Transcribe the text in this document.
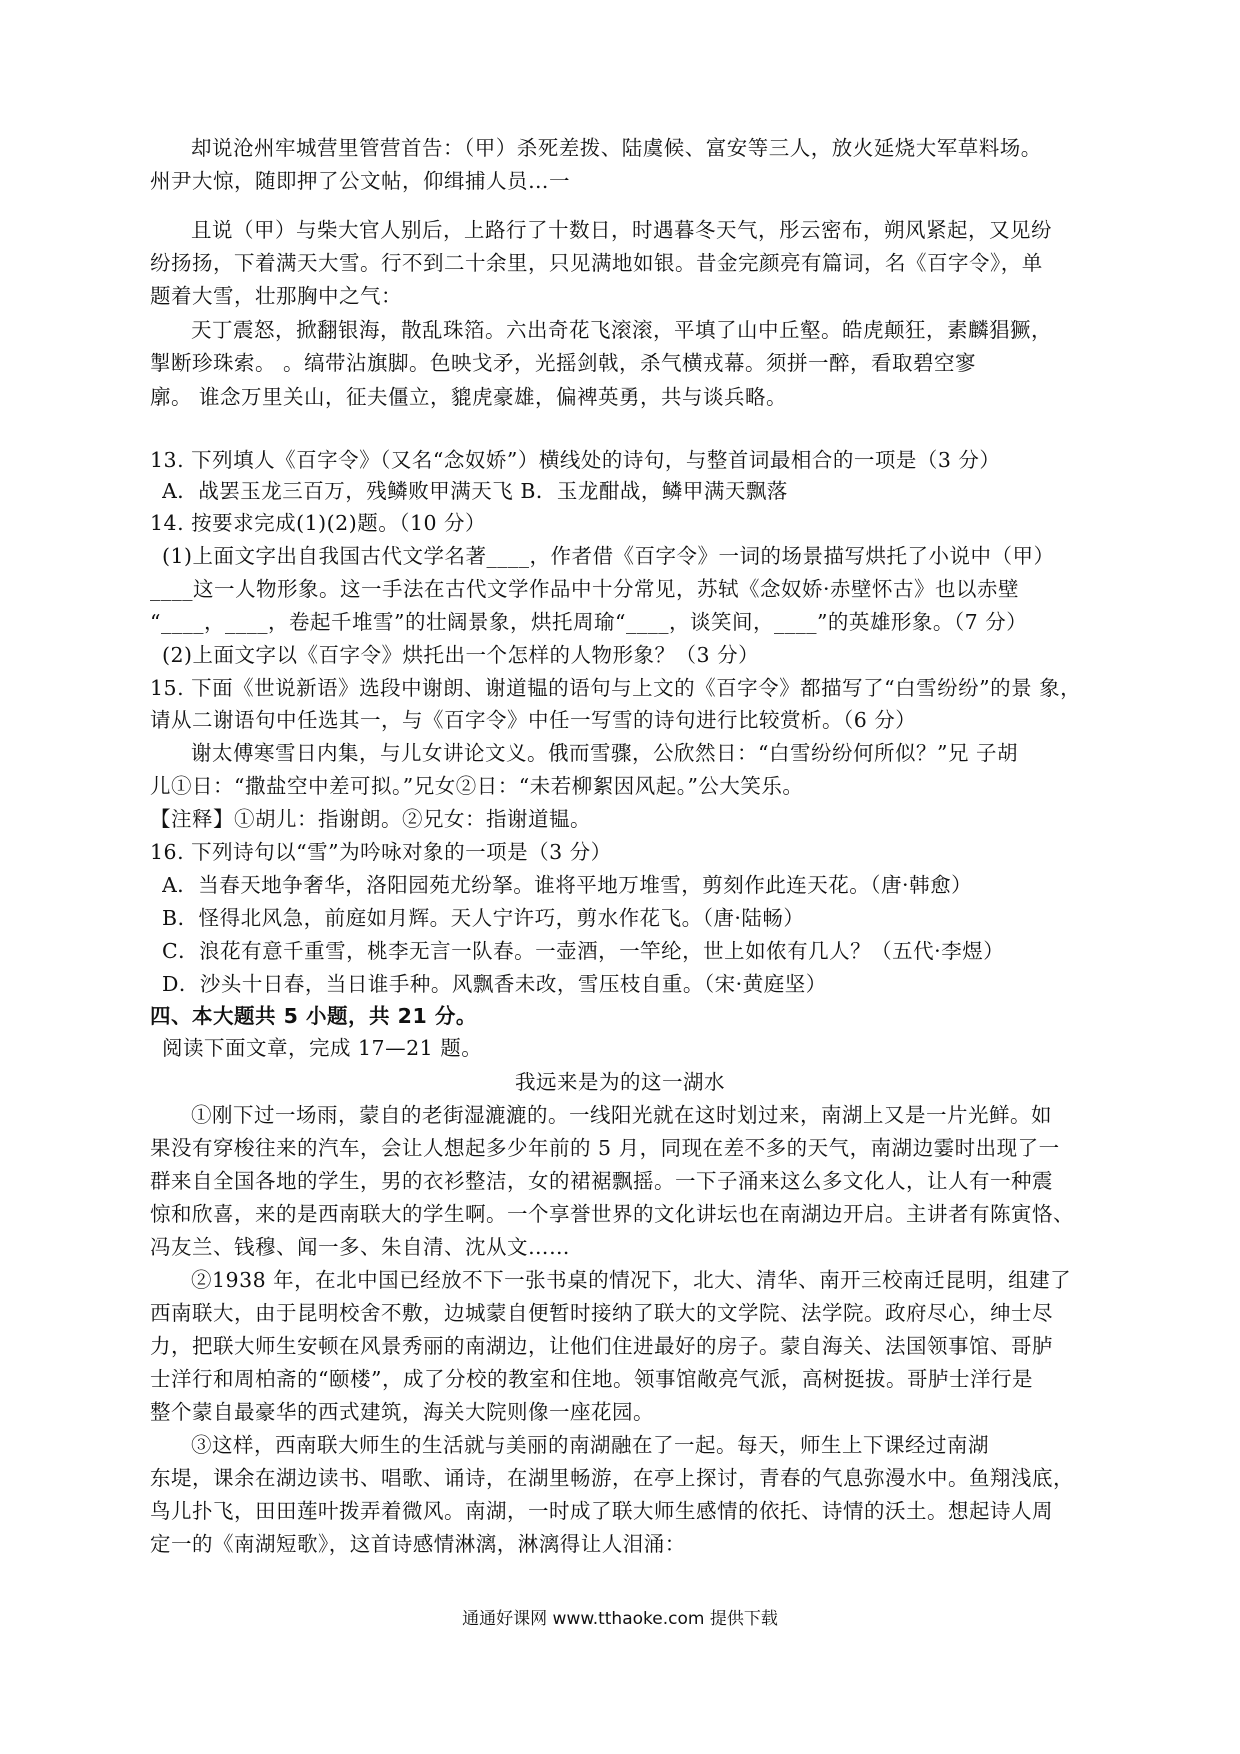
却说沧州牢城营里管营首告：（甲）杀死差拨、陆虞候、富安等三人，放火延烧大军草料场。
州尹大惊，随即押了公文帖，仰缉捕人员…一
且说（甲）与柴大官人别后，上路行了十数日，时遇暮冬天气，彤云密布，朔风紧起，又见纷
纷扬扬，下着满天大雪。行不到二十余里，只见满地如银。昔金完颜亮有篇词，名《百字令》，单
题着大雪，壮那胸中之气：
天丁震怒，掀翻银海，散乱珠箔。六出奇花飞滚滚，平填了山中丘壑。皓虎颠狂，素麟猖獗，
掣断珍珠索。 。缟带沾旗脚。色映戈矛，光摇剑戟，杀气横戎幕。须拼一醉，看取碧空寥
廓。 谁念万里关山，征夫僵立，貔虎豪雄，偏裨英勇，共与谈兵略。
13. 下列填人《百字令》（又名“念奴娇”）横线处的诗句，与整首词最相合的一项是（3 分）
A．战罢玉龙三百万，残鳞败甲满天飞 B．玉龙酣战，鳞甲满天飘落
14. 按要求完成(1)(2)题。（10 分）
(1)上面文字出自我国古代文学名著____，作者借《百字令》一词的场景描写烘托了小说中（甲）
____这一人物形象。这一手法在古代文学作品中十分常见，苏轼《念奴娇·赤壁怀古》也以赤壁
“____，____，卷起千堆雪”的壮阔景象，烘托周瑜“____，谈笑间，____”的英雄形象。（7 分）
(2)上面文字以《百字令》烘托出一个怎样的人物形象？（3 分）
15. 下面《世说新语》选段中谢朗、谢道韫的语句与上文的《百字令》都描写了“白雪纷纷”的景 象，
请从二谢语句中任选其一，与《百字令》中任一写雪的诗句进行比较赏析。（6 分）
谢太傅寒雪日内集，与儿女讲论文义。俄而雪骤，公欣然日：“白雪纷纷何所似？”兄 子胡
儿①日：“撒盐空中差可拟。”兄女②日：“未若柳絮因风起。”公大笑乐。
【注释】①胡儿：指谢朗。②兄女：指谢道韫。
16. 下列诗句以“雪”为吟咏对象的一项是（3 分）
A．当春天地争奢华，洛阳园苑尤纷拏。谁将平地万堆雪，剪刻作此连天花。（唐·韩愈）
B．怪得北风急，前庭如月辉。天人宁许巧，剪水作花飞。（唐·陆畅）
C．浪花有意千重雪，桃李无言一队春。一壶酒，一竿纶，世上如侬有几人？（五代·李煜）
D．沙头十日春，当日谁手种。风飘香未改，雪压枝自重。（宋·黄庭坚）
四、本大题共 5 小题，共 21 分。
阅读下面文章，完成 17—21 题。
我远来是为的这一湖水
①刚下过一场雨，蒙自的老街湿漉漉的。一线阳光就在这时划过来，南湖上又是一片光鲜。如
果没有穿梭往来的汽车，会让人想起多少年前的 5 月，同现在差不多的天气，南湖边霎时出现了一
群来自全国各地的学生，男的衣衫整洁，女的裙裾飘摇。一下子涌来这么多文化人，让人有一种震
惊和欣喜，来的是西南联大的学生啊。一个享誉世界的文化讲坛也在南湖边开启。主讲者有陈寅恪、
冯友兰、钱穆、闻一多、朱自清、沈从文……
②1938 年，在北中国已经放不下一张书桌的情况下，北大、清华、南开三校南迁昆明，组建了
西南联大，由于昆明校舍不敷，边城蒙自便暂时接纳了联大的文学院、法学院。政府尽心，绅士尽
力，把联大师生安顿在风景秀丽的南湖边，让他们住进最好的房子。蒙自海关、法国领事馆、哥胪
士洋行和周柏斋的“颐楼”，成了分校的教室和住地。领事馆敞亮气派，高树挺拔。哥胪士洋行是
整个蒙自最豪华的西式建筑，海关大院则像一座花园。
③这样，西南联大师生的生活就与美丽的南湖融在了一起。每天，师生上下课经过南湖
东堤，课余在湖边读书、唱歌、诵诗，在湖里畅游，在亭上探讨，青春的气息弥漫水中。鱼翔浅底，
鸟儿扑飞，田田莲叶拨弄着微风。南湖，一时成了联大师生感情的依托、诗情的沃土。想起诗人周
定一的《南湖短歌》，这首诗感情淋漓，淋漓得让人泪涌：
通通好课网 www.tthaoke.com 提供下载
